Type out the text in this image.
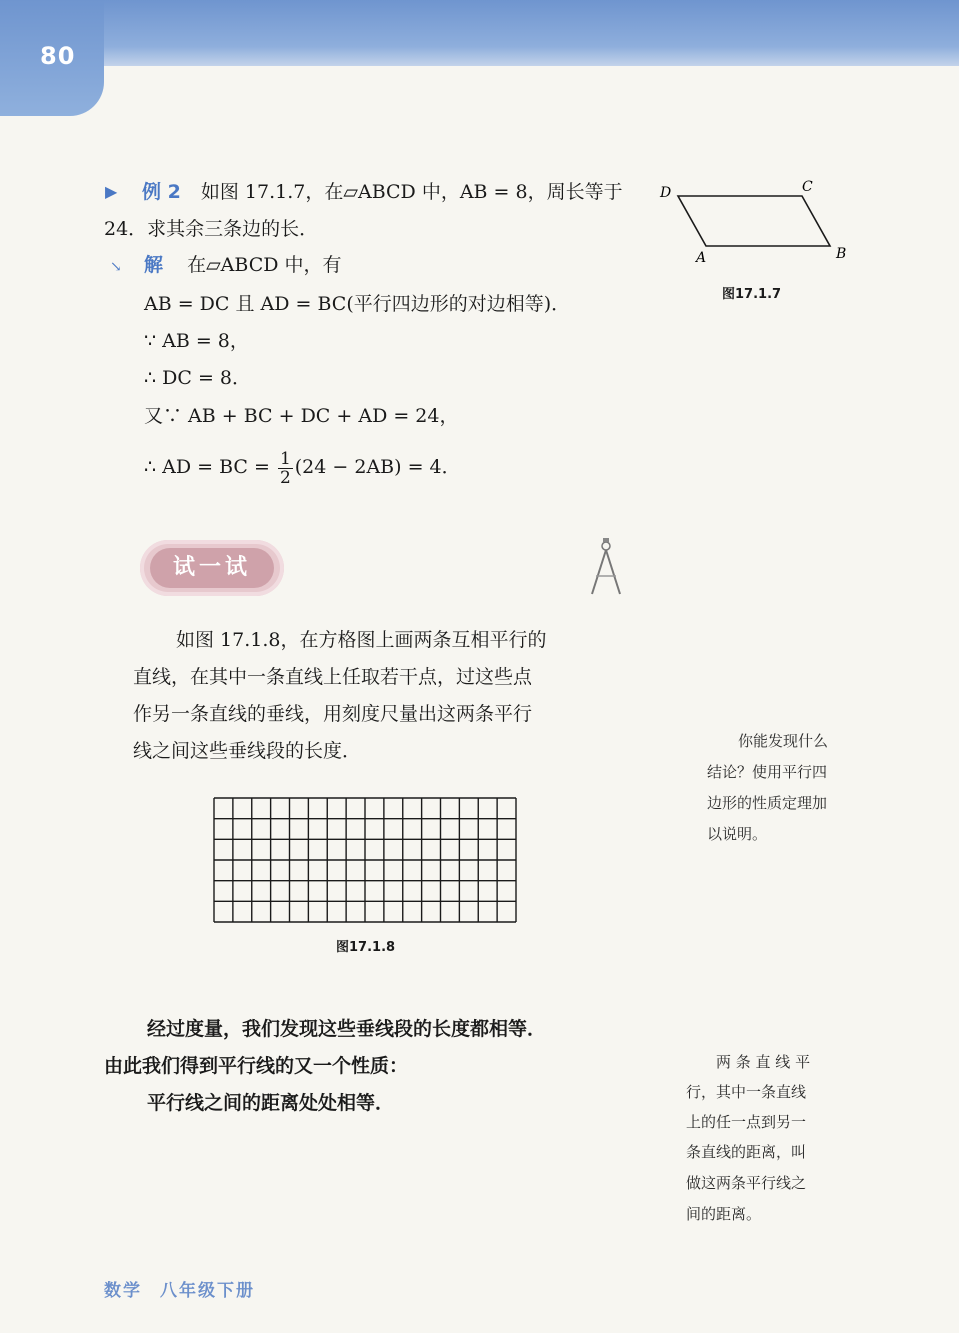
80
▶ 例 2 如图 17.1.7，在▱ABCD 中，AB = 8，周长等于
24．求其余三条边的长．
↘ 解 在▱ABCD 中，有
AB = DC 且 AD = BC(平行四边形的对边相等)．
∵ AB = 8，
∴ DC = 8．
又∵ AB + BC + DC + AD = 24，
∴ AD = BC = $\frac{1}{2} (24 - 2AB) = 4$．
D	C
B
A
图17.1.7
试一试
如图 17.1.8，在方格图上画两条互相平行的
直线，在其中一条直线上任取若干点，过这些点
作另一条直线的垂线，用刻度尺量出这两条平行
线之间这些垂线段的长度．	你能发现什么
结论？使用平行四
边形的性质定理加
以说明。
图17.1.8
经过度量，我们发现这些垂线段的长度都相等．
由此我们得到平行线的又一个性质：
平行线之间的距离处处相等．
两 条 直 线 平
行，其中一条直线
上的任一点到另一
条直线的距离，叫
做这两条平行线之
间的距离。
数学 八年级下册
